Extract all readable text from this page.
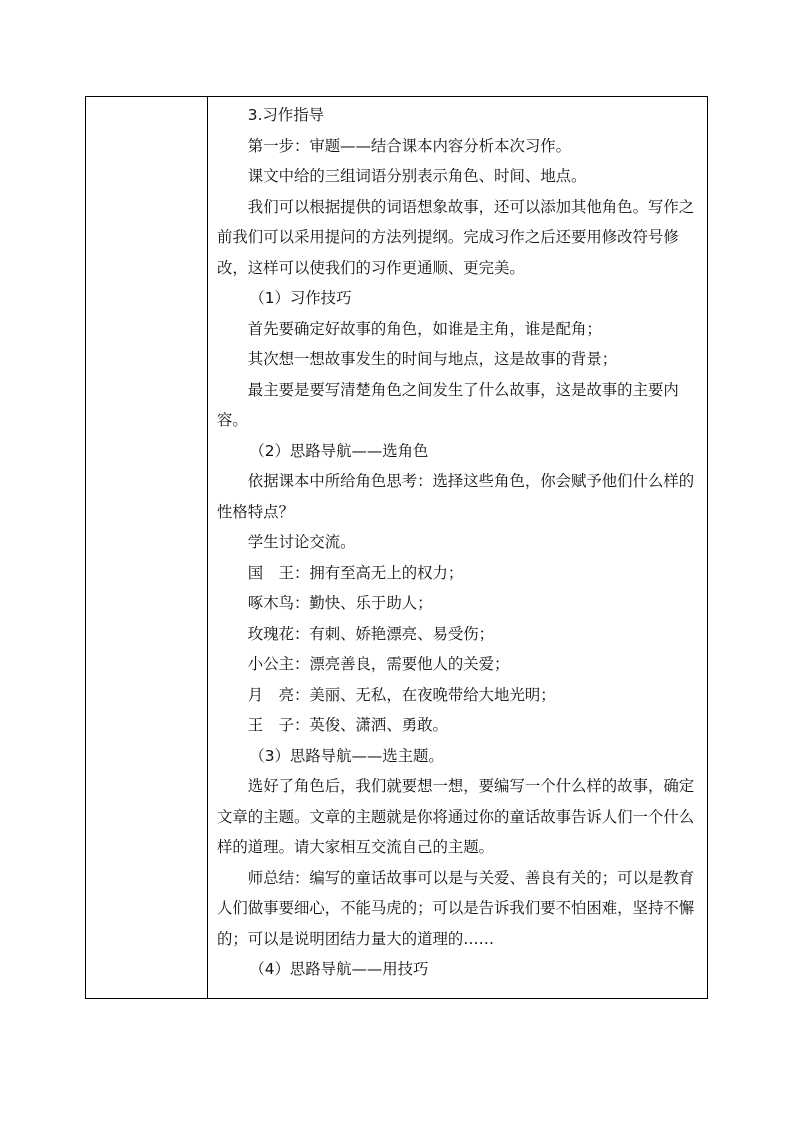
3.习作指导

第一步：审题——结合课本内容分析本次习作。

课文中给的三组词语分别表示角色、时间、地点。

我们可以根据提供的词语想象故事，还可以添加其他角色。写作之前我们可以采用提问的方法列提纲。完成习作之后还要用修改符号修改，这样可以使我们的习作更通顺、更完美。

（1）习作技巧

首先要确定好故事的角色，如谁是主角，谁是配角；

其次想一想故事发生的时间与地点，这是故事的背景；

最主要是要写清楚角色之间发生了什么故事，这是故事的主要内容。

（2）思路导航——选角色

依据课本中所给角色思考：选择这些角色，你会赋予他们什么样的性格特点？

学生讨论交流。

国　王：拥有至高无上的权力；

啄木鸟：勤快、乐于助人；

玫瑰花：有刺、娇艳漂亮、易受伤；

小公主：漂亮善良，需要他人的关爱；

月　亮：美丽、无私，在夜晚带给大地光明；

王　子：英俊、潇洒、勇敢。

（3）思路导航——选主题。

选好了角色后，我们就要想一想，要编写一个什么样的故事，确定文章的主题。文章的主题就是你将通过你的童话故事告诉人们一个什么样的道理。请大家相互交流自己的主题。

师总结：编写的童话故事可以是与关爱、善良有关的；可以是教育人们做事要细心，不能马虎的；可以是告诉我们要不怕困难，坚持不懈的；可以是说明团结力量大的道理的……

（4）思路导航——用技巧
